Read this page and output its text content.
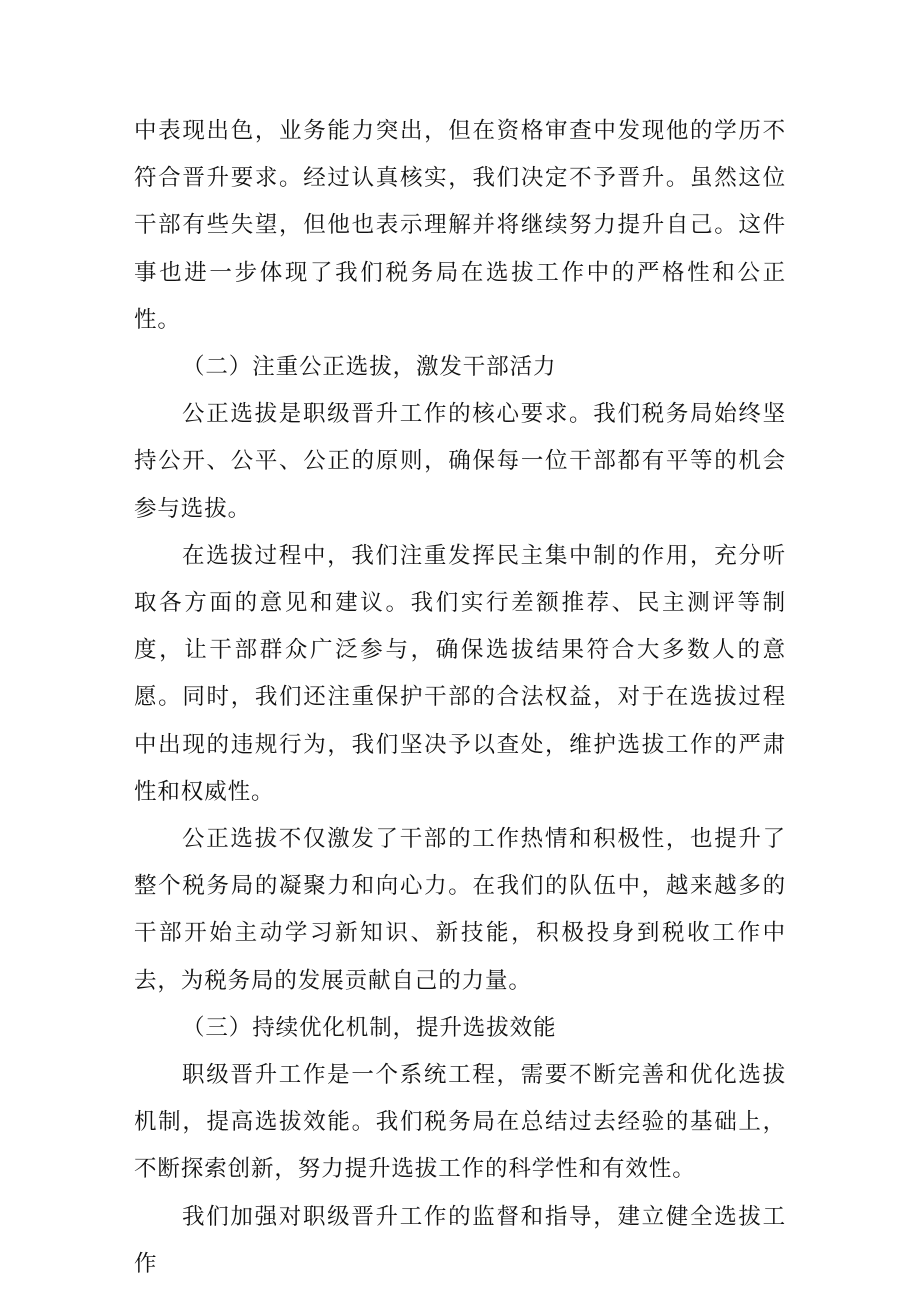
中表现出色，业务能力突出，但在资格审查中发现他的学历不符合晋升要求。经过认真核实，我们决定不予晋升。虽然这位干部有些失望，但他也表示理解并将继续努力提升自己。这件事也进一步体现了我们税务局在选拔工作中的严格性和公正性。

（二）注重公正选拔，激发干部活力

公正选拔是职级晋升工作的核心要求。我们税务局始终坚持公开、公平、公正的原则，确保每一位干部都有平等的机会参与选拔。

在选拔过程中，我们注重发挥民主集中制的作用，充分听取各方面的意见和建议。我们实行差额推荐、民主测评等制度，让干部群众广泛参与，确保选拔结果符合大多数人的意愿。同时，我们还注重保护干部的合法权益，对于在选拔过程中出现的违规行为，我们坚决予以查处，维护选拔工作的严肃性和权威性。

公正选拔不仅激发了干部的工作热情和积极性，也提升了整个税务局的凝聚力和向心力。在我们的队伍中，越来越多的干部开始主动学习新知识、新技能，积极投身到税收工作中去，为税务局的发展贡献自己的力量。

（三）持续优化机制，提升选拔效能

职级晋升工作是一个系统工程，需要不断完善和优化选拔机制，提高选拔效能。我们税务局在总结过去经验的基础上，不断探索创新，努力提升选拔工作的科学性和有效性。

我们加强对职级晋升工作的监督和指导，建立健全选拔工作
